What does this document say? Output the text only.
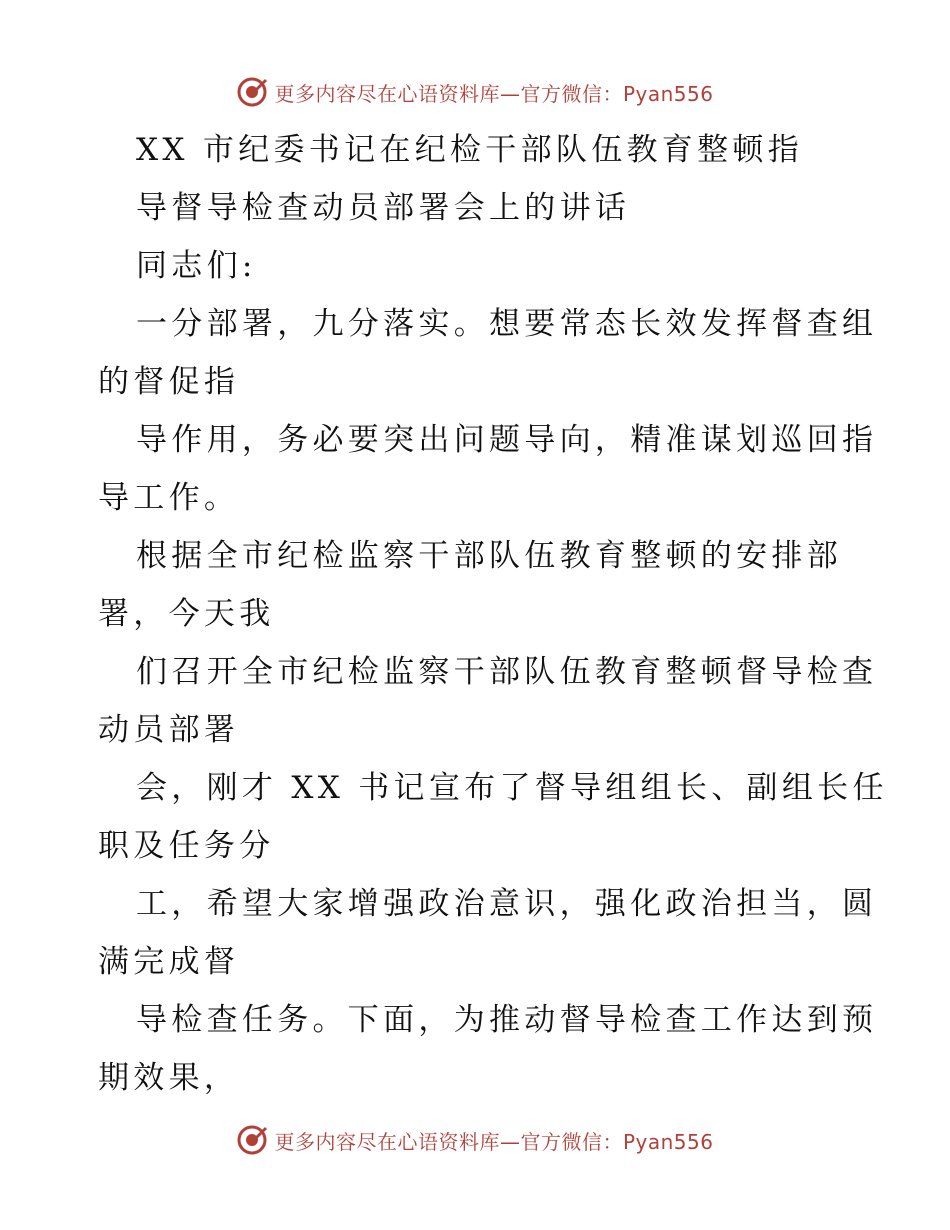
更多内容尽在心语资料库—官方微信：Pyan556
XX 市纪委书记在纪检干部队伍教育整顿指
导督导检查动员部署会上的讲话
同志们:
一分部署，九分落实。想要常态长效发挥督查组
的督促指
导作用，务必要突出问题导向，精准谋划巡回指
导工作。
根据全市纪检监察干部队伍教育整顿的安排部
署，今天我
们召开全市纪检监察干部队伍教育整顿督导检查
动员部署
会，刚才 XX 书记宣布了督导组组长、副组长任
职及任务分
工，希望大家增强政治意识，强化政治担当，圆
满完成督
导检查任务。下面，为推动督导检查工作达到预
期效果，
更多内容尽在心语资料库—官方微信：Pyan556
